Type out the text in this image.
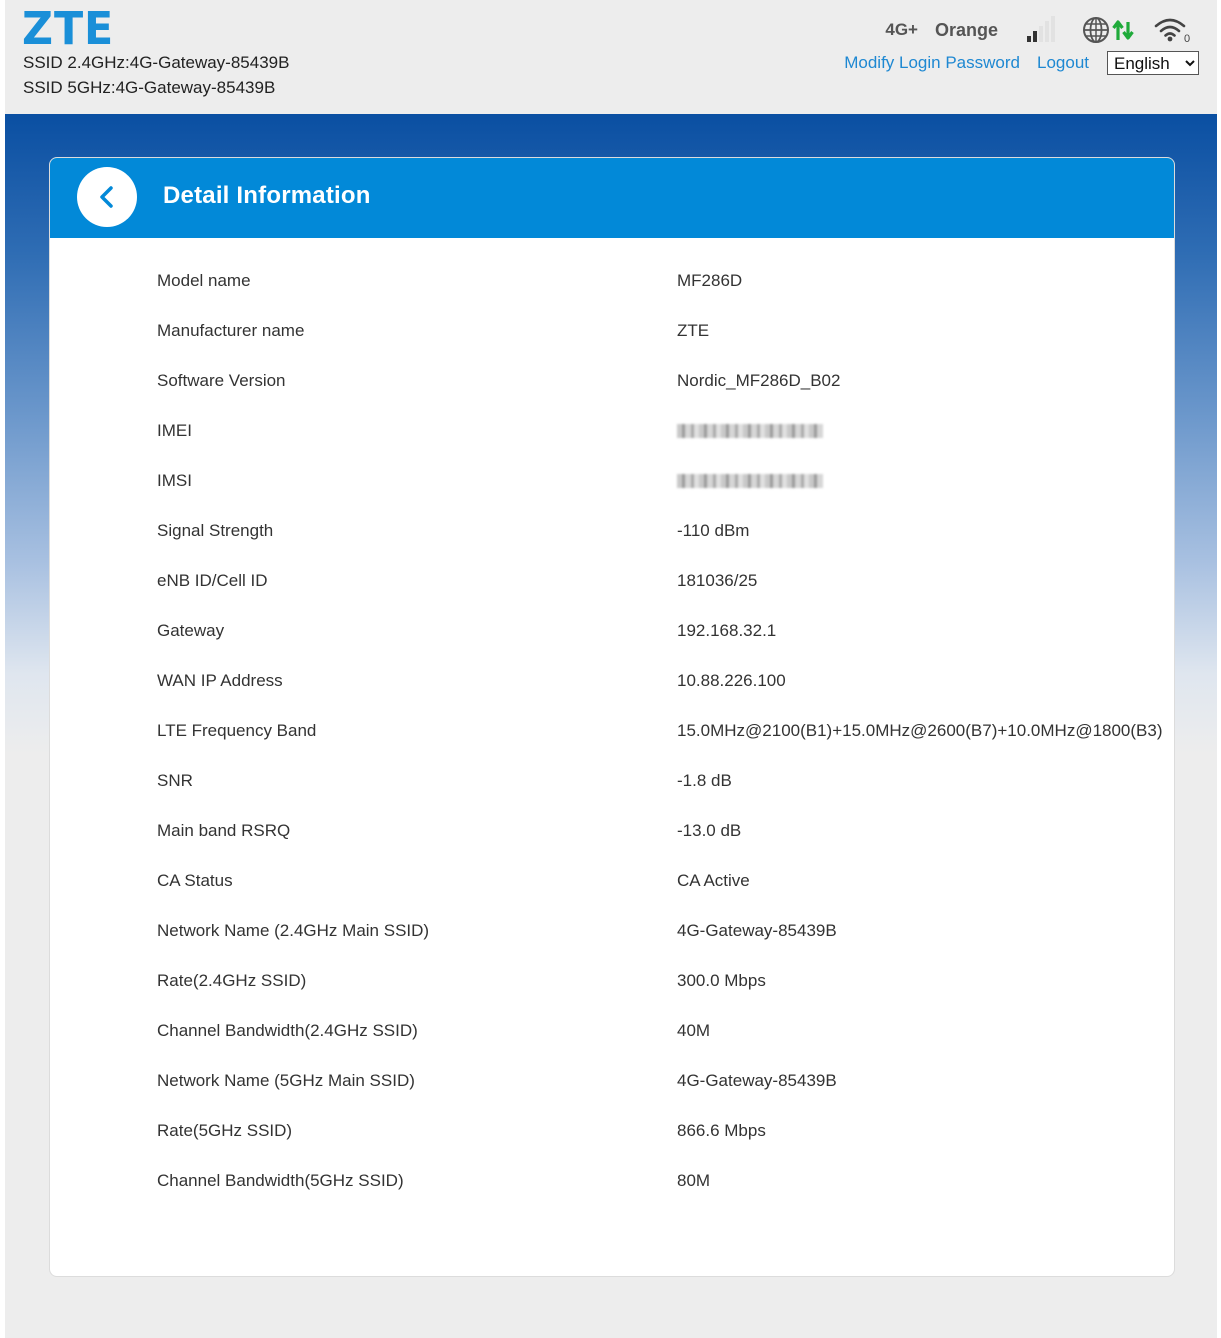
ZTE
SSID 2.4GHz:4G-Gateway-85439B
SSID 5GHz:4G-Gateway-85439B
4G+ Orange	0
Modify Login Password Logout
English
Detail Information
Model name	MF286D
Manufacturer name	ZTE
Software Version	Nordic_MF286D_B02
IMEI
IMSI
Signal Strength	-110 dBm
eNB ID/Cell ID	181036/25
Gateway	192.168.32.1
WAN IP Address	10.88.226.100
LTE Frequency Band	15.0MHz@2100(B1)+15.0MHz@2600(B7)+10.0MHz@1800(B3)
SNR	-1.8 dB
Main band RSRQ	-13.0 dB
CA Status	CA Active
Network Name (2.4GHz Main SSID)	4G-Gateway-85439B
Rate(2.4GHz SSID)	300.0 Mbps
Channel Bandwidth(2.4GHz SSID)	40M
Network Name (5GHz Main SSID)	4G-Gateway-85439B
Rate(5GHz SSID)	866.6 Mbps
Channel Bandwidth(5GHz SSID)	80M
